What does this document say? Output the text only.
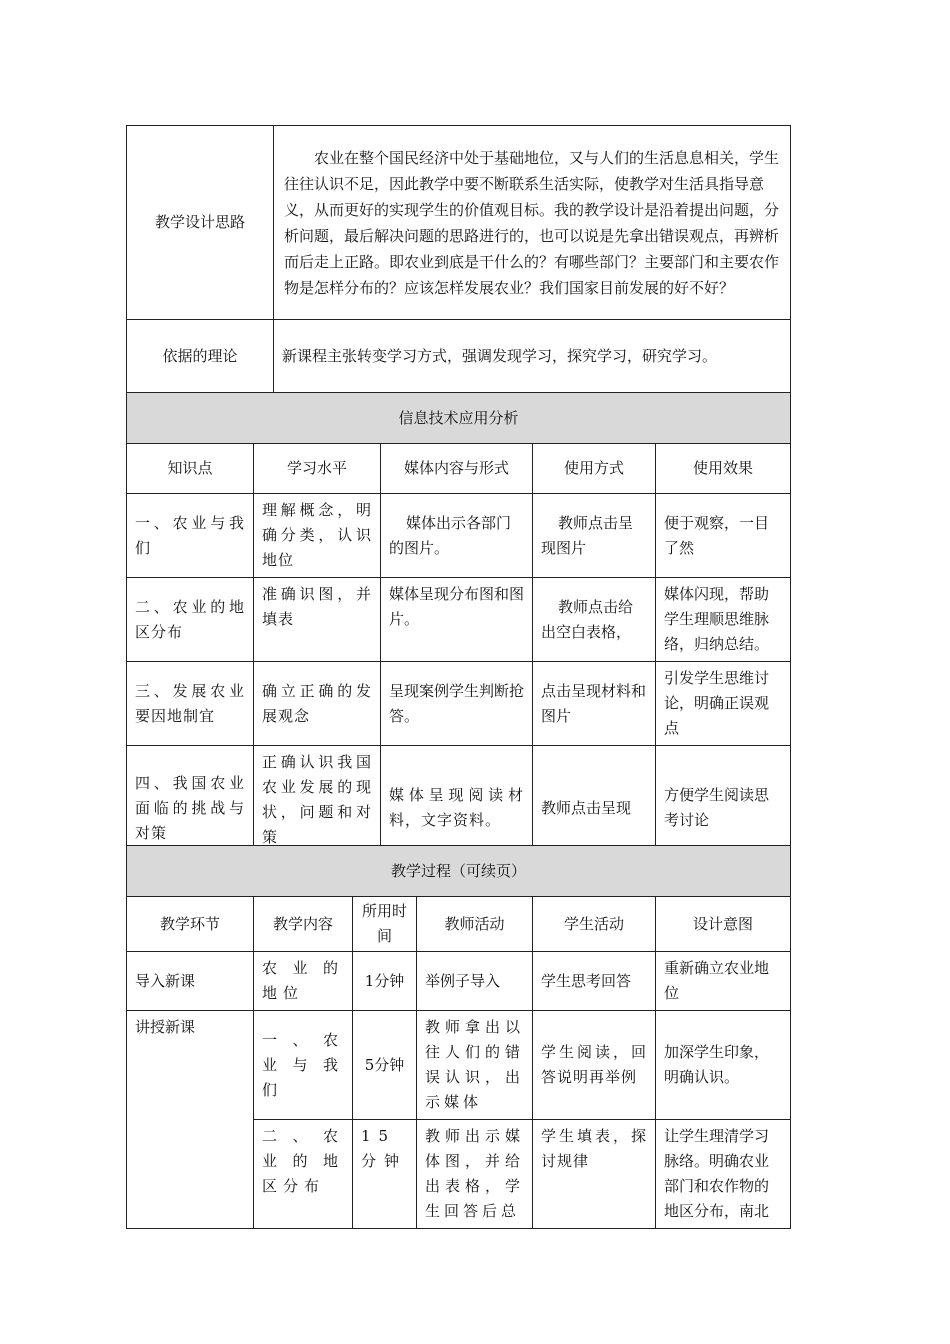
教学设计思路	农业在整个国民经济中处于基础地位，又与人们的生活息息相关，学生往往认识不足，因此教学中要不断联系生活实际，使教学对生活具指导意义，从而更好的实现学生的价值观目标。我的教学设计是沿着提出问题，分析问题，最后解决问题的思路进行的，也可以说是先拿出错误观点，再辨析而后走上正路。即农业到底是干什么的？有哪些部门？主要部门和主要农作物是怎样分布的？应该怎样发展农业？我们国家目前发展的好不好？
依据的理论	新课程主张转变学习方式，强调发现学习，探究学习，研究学习。
信息技术应用分析				
知识点	学习水平	媒体内容与形式	使用方式	使用效果
一、农业与我们	理解概念，明确分类，认识地位	媒体出示各部门的图片。	教师点击呈现图片	便于观察，一目了然
二、农业的地区分布	准确识图，并填表	媒体呈现分布图和图片。	教师点击给出空白表格，	媒体闪现，帮助学生理顺思维脉络，归纳总结。
三、发展农业要因地制宜	确立正确的发展观念	呈现案例学生判断抢答。	点击呈现材料和图片	引发学生思维讨论，明确正误观点
四、我国农业面临的挑战与对策	正确认识我国农业发展的现状，问题和对策	媒体呈现阅读材料，文字资料。	教师点击呈现	方便学生阅读思考讨论
教学过程（可续页）					
教学环节	教学内容	所用时间	教师活动	学生活动	设计意图
导入新课	农业的地位	1分钟	举例子导入	学生思考回答	重新确立农业地位
讲授新课	一、农业与我们	5分钟	教师拿出以往人们的错误认识，出示媒体	学生阅读，回答说明再举例	加深学生印象，明确认识。
	二、农业的地区分布	15分钟	教师出示媒体图，并给出表格，学生回答后总	学生填表，探讨规律	让学生理清学习脉络。明确农业部门和农作物的地区分布，南北
